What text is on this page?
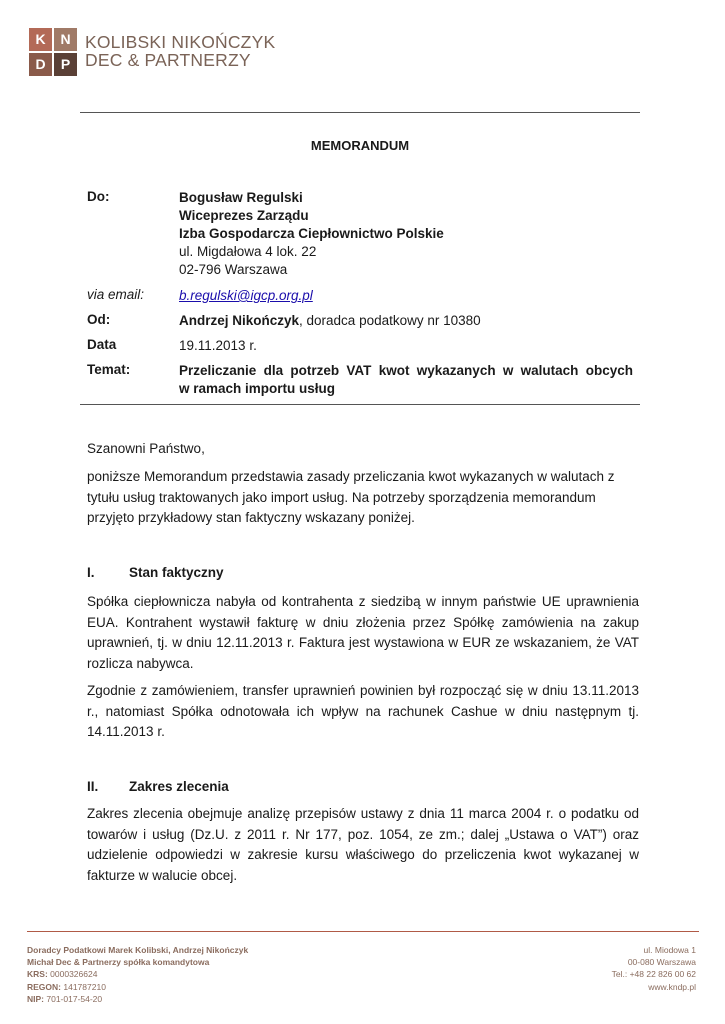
K	N
D	P
KOLIBSKI NIKOŃCZYK
DEC & PARTNERZY
MEMORANDUM
Do:	Bogusław Regulski
Wiceprezes Zarządu
Izba Gospodarcza Ciepłownictwo Polskie
ul. Migdałowa 4 lok. 22
02-796 Warszawa
via email:	b.regulski@igcp.org.pl
Od:	Andrzej Nikończyk, doradca podatkowy nr 10380
Data	19.11.2013 r.
Temat:	Przeliczanie dla potrzeb VAT kwot wykazanych w walutach obcych
w ramach importu usług
Szanowni Państwo,
poniższe Memorandum przedstawia zasady przeliczania kwot wykazanych w walutach z tytułu usług traktowanych jako import usług. Na potrzeby sporządzenia memorandum przyjęto przykładowy stan faktyczny wskazany poniżej.
I.	Stan faktyczny
Spółka ciepłownicza nabyła od kontrahenta z siedzibą w innym państwie UE uprawnienia EUA. Kontrahent wystawił fakturę w dniu złożenia przez Spółkę zamówienia na zakup uprawnień, tj. w dniu 12.11.2013 r. Faktura jest wystawiona w EUR ze wskazaniem, że VAT rozlicza nabywca.
Zgodnie z zamówieniem, transfer uprawnień powinien był rozpocząć się w dniu 13.11.2013 r., natomiast Spółka odnotowała ich wpływ na rachunek Cashue w dniu następnym tj. 14.11.2013 r.
II. Zakres zlecenia
Zakres zlecenia obejmuje analizę przepisów ustawy z dnia 11 marca 2004 r. o podatku od towarów i usług (Dz.U. z 2011 r. Nr 177, poz. 1054, ze zm.; dalej „Ustawa o VAT”) oraz udzielenie odpowiedzi w zakresie kursu właściwego do przeliczenia kwot wykazanej w fakturze w walucie obcej.
Doradcy Podatkowi Marek Kolibski, Andrzej Nikończyk
Michał Dec & Partnerzy spółka komandytowa
KRS: 0000326624
REGON: 141787210
NIP: 701-017-54-20
ul. Miodowa 1
00-080 Warszawa
Tel.: +48 22 826 00 62
www.kndp.pl
